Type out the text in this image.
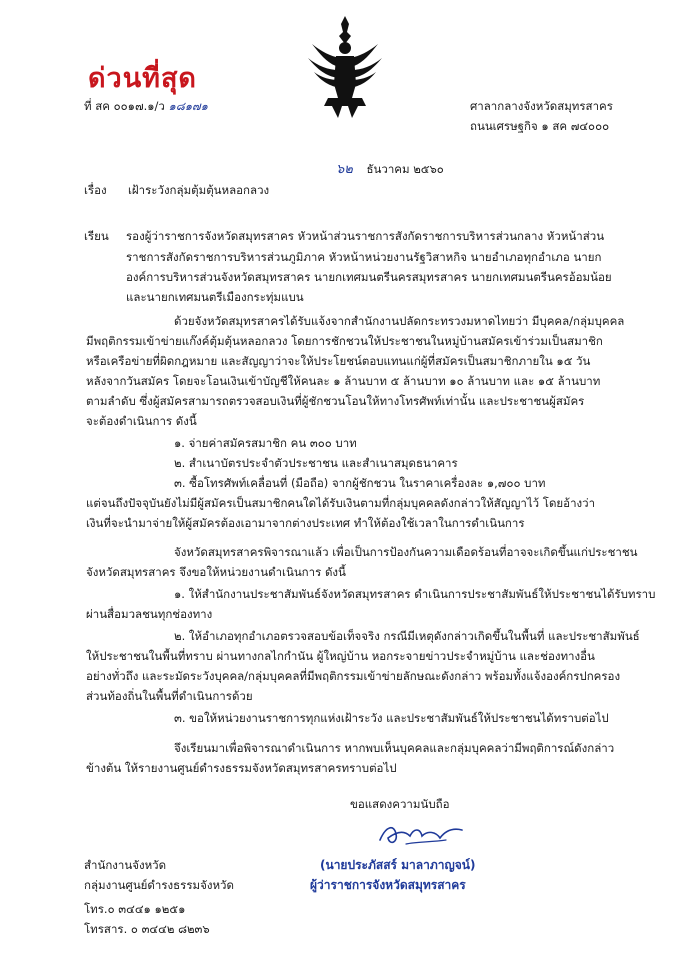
ด่วนที่สุด
ที่ สค ๐๐๑๗.๑/ว ๑๘๑๗๑	ศาลากลางจังหวัดสมุทรสาคร
ถนนเศรษฐกิจ ๑ สค ๗๔๐๐๐
๖๒ ธันวาคม ๒๕๖๐
เรื่อง เฝ้าระวังกลุ่มตุ้มตุ้นหลอกลวง
เรียน รองผู้ว่าราชการจังหวัดสมุทรสาคร หัวหน้าส่วนราชการสังกัดราชการบริหารส่วนกลาง หัวหน้าส่วน
ราชการสังกัดราชการบริหารส่วนภูมิภาค หัวหน้าหน่วยงานรัฐวิสาหกิจ นายอำเภอทุกอำเภอ นายก
องค์การบริหารส่วนจังหวัดสมุทรสาคร นายกเทศมนตรีนครสมุทรสาคร นายกเทศมนตรีนครอ้อมน้อย
และนายกเทศมนตรีเมืองกระทุ่มแบน
ด้วยจังหวัดสมุทรสาครได้รับแจ้งจากสำนักงานปลัดกระทรวงมหาดไทยว่า มีบุคคล/กลุ่มบุคคล
มีพฤติกรรมเข้าข่ายแก๊งค์ตุ้มตุ้นหลอกลวง โดยการชักชวนให้ประชาชนในหมู่บ้านสมัครเข้าร่วมเป็นสมาชิก
หรือเครือข่ายที่ผิดกฎหมาย และสัญญาว่าจะให้ประโยชน์ตอบแทนแก่ผู้ที่สมัครเป็นสมาชิกภายใน ๑๕ วัน
หลังจากวันสมัคร โดยจะโอนเงินเข้าบัญชีให้คนละ ๑ ล้านบาท ๕ ล้านบาท ๑๐ ล้านบาท และ ๑๕ ล้านบาท
ตามลำดับ ซึ่งผู้สมัครสามารถตรวจสอบเงินที่ผู้ชักชวนโอนให้ทางโทรศัพท์เท่านั้น และประชาชนผู้สมัคร
จะต้องดำเนินการ ดังนี้
๑. จ่ายค่าสมัครสมาชิก คน ๓๐๐ บาท
๒. สำเนาบัตรประจำตัวประชาชน และสำเนาสมุดธนาคาร
๓. ซื้อโทรศัพท์เคลื่อนที่ (มือถือ) จากผู้ชักชวน ในราคาเครื่องละ ๑,๗๐๐ บาท
แต่จนถึงปัจจุบันยังไม่มีผู้สมัครเป็นสมาชิกคนใดได้รับเงินตามที่กลุ่มบุคคลดังกล่าวให้สัญญาไว้ โดยอ้างว่า
เงินที่จะนำมาจ่ายให้ผู้สมัครต้องเอามาจากต่างประเทศ ทำให้ต้องใช้เวลาในการดำเนินการ
จังหวัดสมุทรสาครพิจารณาแล้ว เพื่อเป็นการป้องกันความเดือดร้อนที่อาจจะเกิดขึ้นแก่ประชาชน
จังหวัดสมุทรสาคร จึงขอให้หน่วยงานดำเนินการ ดังนี้
๑. ให้สำนักงานประชาสัมพันธ์จังหวัดสมุทรสาคร ดำเนินการประชาสัมพันธ์ให้ประชาชนได้รับทราบ
ผ่านสื่อมวลชนทุกช่องทาง
๒. ให้อำเภอทุกอำเภอตรวจสอบข้อเท็จจริง กรณีมีเหตุดังกล่าวเกิดขึ้นในพื้นที่ และประชาสัมพันธ์
ให้ประชาชนในพื้นที่ทราบ ผ่านทางกลไกกำนัน ผู้ใหญ่บ้าน หอกระจายข่าวประจำหมู่บ้าน และช่องทางอื่น
อย่างทั่วถึง และระมัดระวังบุคคล/กลุ่มบุคคลที่มีพฤติกรรมเข้าข่ายลักษณะดังกล่าว พร้อมทั้งแจ้งองค์กรปกครอง
ส่วนท้องถิ่นในพื้นที่ดำเนินการด้วย
๓. ขอให้หน่วยงานราชการทุกแห่งเฝ้าระวัง และประชาสัมพันธ์ให้ประชาชนได้ทราบต่อไป
จึงเรียนมาเพื่อพิจารณาดำเนินการ หากพบเห็นบุคคลและกลุ่มบุคคลว่ามีพฤติการณ์ดังกล่าว
ข้างต้น ให้รายงานศูนย์ดำรงธรรมจังหวัดสมุทรสาครทราบต่อไป
ขอแสดงความนับถือ
(นายประภัสสร์ มาลาภาญจน์)
ผู้ว่าราชการจังหวัดสมุทรสาคร
สำนักงานจังหวัด
กลุ่มงานศูนย์ดำรงธรรมจังหวัด
โทร.๐ ๓๔๔๑ ๑๒๕๑
โทรสาร. ๐ ๓๔๔๒ ๘๒๓๖
